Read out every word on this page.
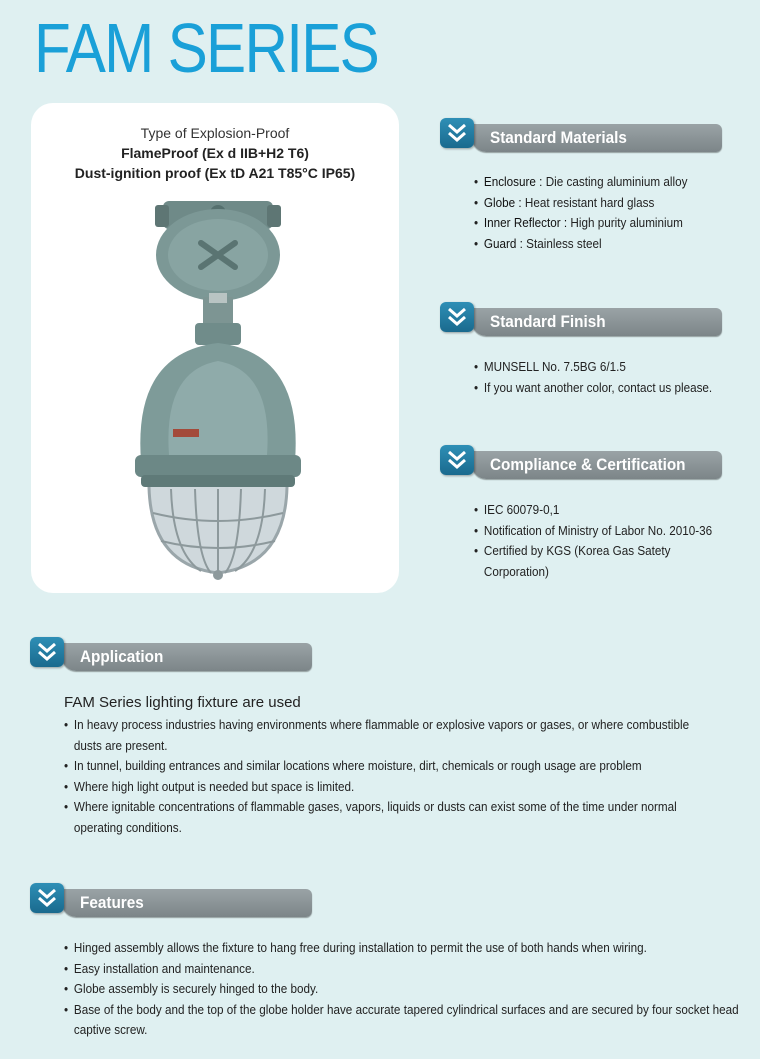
FAM SERIES
Type of Explosion-Proof
FlameProof (Ex d IIB+H2 T6)
Dust-ignition proof (Ex tD A21 T85°C IP65)
Standard Materials
• Enclosure : Die casting aluminium alloy
• Globe : Heat resistant hard glass
• Inner Reflector : High purity aluminium
• Guard : Stainless steel
Standard Finish
• MUNSELL No. 7.5BG 6/1.5
• If you want another color, contact us please.
Compliance & Certification
• IEC 60079-0,1
• Notification of Ministry of Labor No. 2010-36
• Certified by KGS (Korea Gas Satety Corporation)
Application
FAM Series lighting fixture are used
• In heavy process industries having environments where flammable or explosive vapors or gases, or where combustible dusts are present.
• In tunnel, building entrances and similar locations where moisture, dirt, chemicals or rough usage are problem
• Where high light output is needed but space is limited.
• Where ignitable concentrations of flammable gases, vapors, liquids or dusts can exist some of the time under normal operating conditions.
Features
• Hinged assembly allows the fixture to hang free during installation to permit the use of both hands when wiring.
• Easy installation and maintenance.
• Globe assembly is securely hinged to the body.
• Base of the body and the top of the globe holder have accurate tapered cylindrical surfaces and are secured by four socket head captive screw.
